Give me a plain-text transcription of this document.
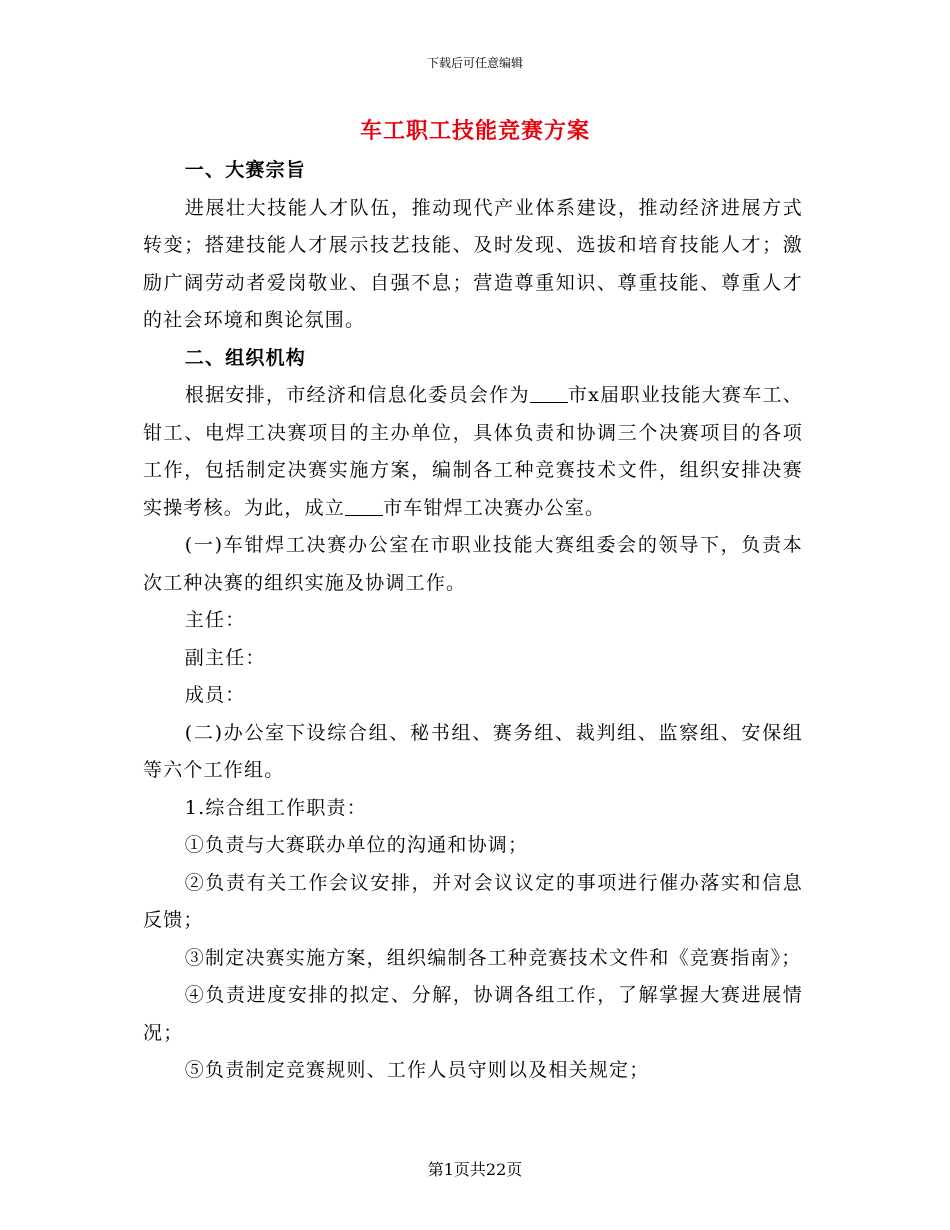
下载后可任意编辑
车工职工技能竞赛方案

一、大赛宗旨

进展壮大技能人才队伍，推动现代产业体系建设，推动经济进展方式转变；搭建技能人才展示技艺技能、及时发现、选拔和培育技能人才；激励广阔劳动者爱岗敬业、自强不息；营造尊重知识、尊重技能、尊重人才的社会环境和舆论氛围。

二、组织机构

根据安排，市经济和信息化委员会作为 市x届职业技能大赛车工、钳工、电焊工决赛项目的主办单位，具体负责和协调三个决赛项目的各项工作，包括制定决赛实施方案，编制各工种竞赛技术文件，组织安排决赛实操考核。为此，成立 市车钳焊工决赛办公室。

(一)车钳焊工决赛办公室在市职业技能大赛组委会的领导下，负责本次工种决赛的组织实施及协调工作。

主任：

副主任：

成员：

(二)办公室下设综合组、秘书组、赛务组、裁判组、监察组、安保组等六个工作组。

1.综合组工作职责：

①负责与大赛联办单位的沟通和协调；

②负责有关工作会议安排，并对会议议定的事项进行催办落实和信息反馈；

③制定决赛实施方案，组织编制各工种竞赛技术文件和《竞赛指南》；

④负责进度安排的拟定、分解，协调各组工作，了解掌握大赛进展情况；

⑤负责制定竞赛规则、工作人员守则以及相关规定；

第1页共22页
